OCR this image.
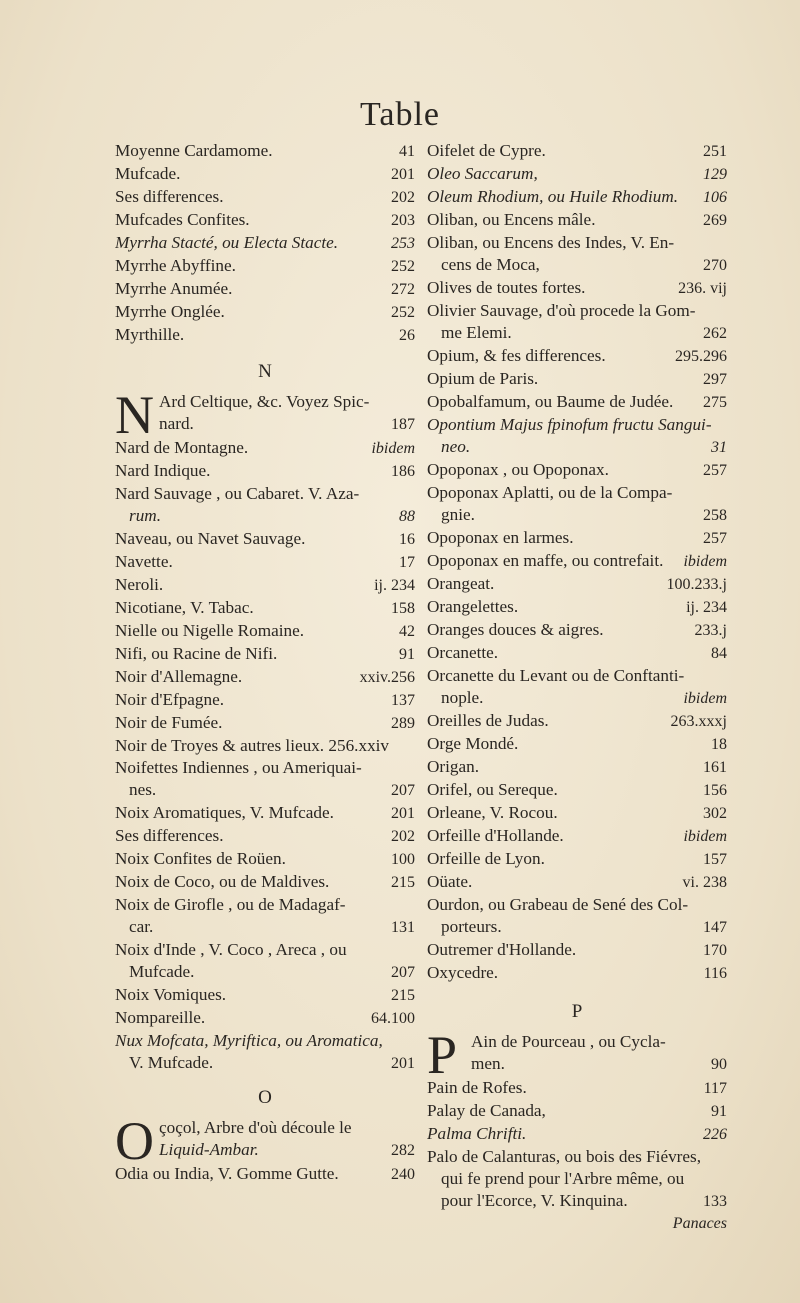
Table
Moyenne Cardamome.	41
Mufcade.	201
Ses differences.	202
Mufcades Confites.	203
Myrrha Stacté, ou Electa Stacte.	253
Myrrhe Abyffine.	252
Myrrhe Anumée.	272
Myrrhe Onglée.	252
Myrthille.	26
N
N Ard Celtique, &c. Voyez Spic-
nard.	187
Nard de Montagne.	ibidem
Nard Indique.	186
Nard Sauvage , ou Cabaret. V. Aza-
rum.	88
Naveau, ou Navet Sauvage.	16
Navette.	17
Neroli.	ij. 234
Nicotiane, V. Tabac.	158
Nielle ou Nigelle Romaine.	42
Nifi, ou Racine de Nifi.	91
Noir d'Allemagne.	xxiv.256
Noir d'Efpagne.	137
Noir de Fumée.	289
Noir de Troyes & autres lieux. 256.xxiv
Noifettes Indiennes , ou Ameriquai-
nes.	207
Noix Aromatiques, V. Mufcade.	201
Ses differences.	202
Noix Confites de Roüen.	100
Noix de Coco, ou de Maldives.	215
Noix de Girofle , ou de Madagaf-
car.	131
Noix d'Inde , V. Coco , Areca , ou
Mufcade.	207
Noix Vomiques.	215
Nompareille.	64.100
Nux Mofcata, Myriftica, ou Aromatica,
V. Mufcade.	201
O
O çoçol, Arbre d'où découle le
Liquid-Ambar.	282
Odia ou India, V. Gomme Gutte.	240
Oifelet de Cypre.	251
Oleo Saccarum,	129
Oleum Rhodium, ou Huile Rhodium.	106
Oliban, ou Encens mâle.	269
Oliban, ou Encens des Indes, V. En-
cens de Moca,	270
Olives de toutes fortes.	236. vij
Olivier Sauvage, d'où procede la Gom-
me Elemi.	262
Opium, & fes differences.	295.296
Opium de Paris.	297
Opobalfamum, ou Baume de Judée.	275
Opontium Majus fpinofum fructu Sangui-
neo.	31
Opoponax , ou Opoponax.	257
Opoponax Aplatti, ou de la Compa-
gnie.	258
Opoponax en larmes.	257
Opoponax en maffe, ou contrefait.	ibidem
Orangeat.	100.233.j
Orangelettes.	ij. 234
Oranges douces & aigres.	233.j
Orcanette.	84
Orcanette du Levant ou de Conftanti-
nople.	ibidem
Oreilles de Judas.	263.xxxj
Orge Mondé.	18
Origan.	161
Orifel, ou Sereque.	156
Orleane, V. Rocou.	302
Orfeille d'Hollande.	ibidem
Orfeille de Lyon.	157
Oüate.	vi. 238
Ourdon, ou Grabeau de Sené des Col-
porteurs.	147
Outremer d'Hollande.	170
Oxycedre.	116
P
P Ain de Pourceau , ou Cycla-
men.	90
Pain de Rofes.	117
Palay de Canada,	91
Palma Chrifti.	226
Palo de Calanturas, ou bois des Fiévres,
qui fe prend pour l'Arbre même, ou
pour l'Ecorce, V. Kinquina.	133
Panaces
